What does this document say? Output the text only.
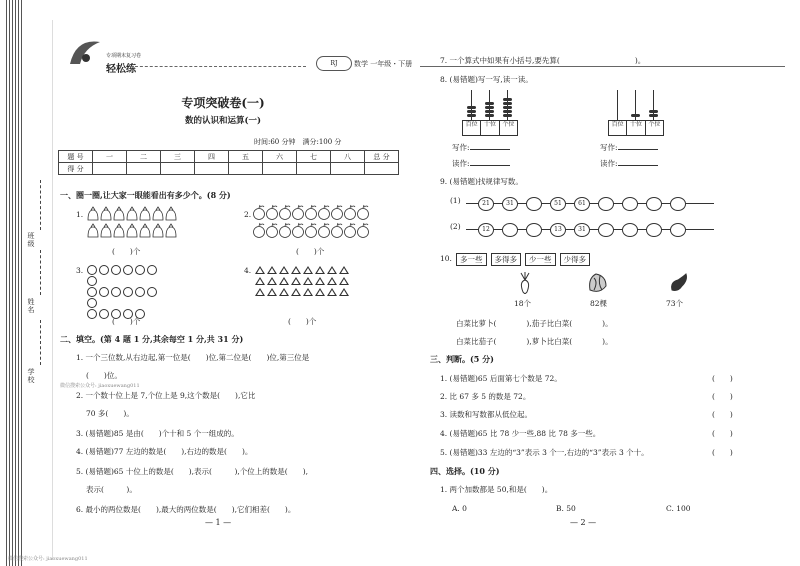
班级
姓名
学校
微信搜索公众号: jiaoxuewang011
微信搜索公众号: jiaoxuewang011
专项期末复习卷
轻松练
RJ	数学 一年级・下册
专项突破卷(一)
数的认识和运算(一)
时间:60 分钟　满分:100 分
题 号	一	二	三	四	五	六	七	八	总 分
得 分									
一、圈一圈,让大家一眼能看出有多少个。(8 分)
1.
(　　)个
2.
(　　)个
3.

(　　)个
4.

(　　)个
二、填空。(第 4 题 1 分,其余每空 1 分,共 31 分)
1. 一个三位数,从右边起,第一位是(　　)位,第二位是(　　)位,第三位是
(　　)位。
2. 一个数十位上是 7,个位上是 9,这个数是(　　),它比
70 多(　　)。
3. (易错题)85 是由(　　)个十和 5 个一组成的。
4. (易错题)77 左边的数是(　　),右边的数是(　　)。
5. (易错题)65 十位上的数是(　　),表示(　　　),个位上的数是(　　),
表示(　　　)。
6. 最小的两位数是(　　),最大的两位数是(　　),它们相差(　　)。
— 1 —
7. 一个算式中如果有小括号,要先算(　　　　　　　　　　)。
8. (易错题)写一写,读一读。
百位	十位	个位	百位	十位	个位
写作:
读作:
写作:
读作:
9. (易错题)找规律写数。
(1)	21	31	51	61
(2)	12	13	31
10.	多一些 多得多 少一些 少得多
18个	82棵	73个
白菜比萝卜(　　　　),茄子比白菜(　　　　)。
白菜比茄子(　　　　),萝卜比白菜(　　　　)。
三、判断。(5 分)
1. (易错题)65 后面第七个数是 72。	(　　)
2. 比 67 多 5 的数是 72。	(　　)
3. 读数和写数都从低位起。	(　　)
4. (易错题)65 比 78 少一些,88 比 78 多一些。	(　　)
5. (易错题)33 左边的“3”表示 3 个一,右边的“3”表示 3 个十。	(　　)
四、选择。(10 分)
1. 两个加数都是 50,和是(　　)。
A. 0	B. 50	C. 100
— 2 —
